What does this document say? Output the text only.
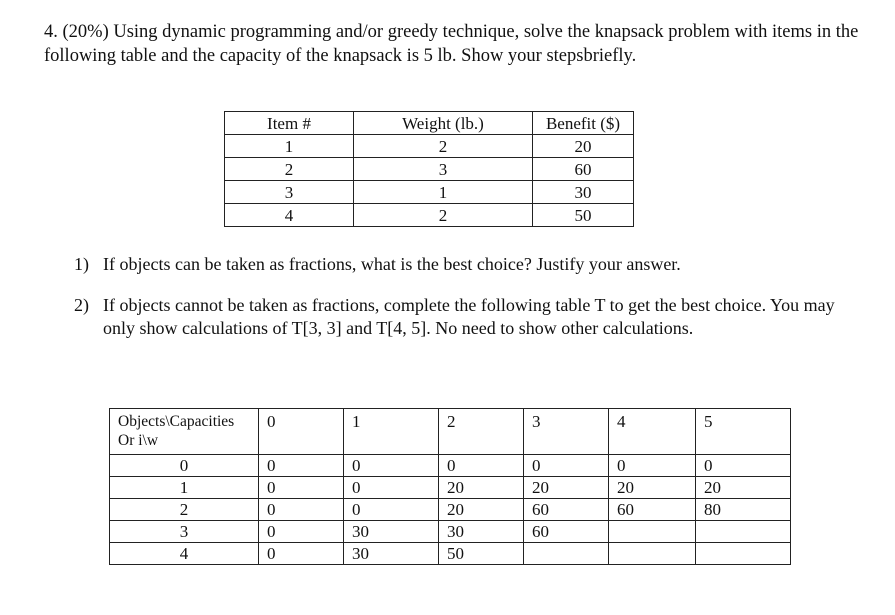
4. (20%) Using dynamic programming and/or greedy technique, solve the knapsack problem with items in the following table and the capacity of the knapsack is 5 lb. Show your stepsbriefly.
Item #	Weight (lb.)	Benefit ($)
1	2	20
2	3	60
3	1	30
4	2	50
1) If objects can be taken as fractions, what is the best choice? Justify your answer.
2) If objects cannot be taken as fractions, complete the following table T to get the best choice. You may only show calculations of T[3, 3] and T[4, 5]. No need to show other calculations.
Objects\Capacities
Or i\w	0	1	2	3	4	5
0	0	0	0	0	0	0
1	0	0	20	20	20	20
2	0	0	20	60	60	80
3	0	30	30	60		
4	0	30	50			
